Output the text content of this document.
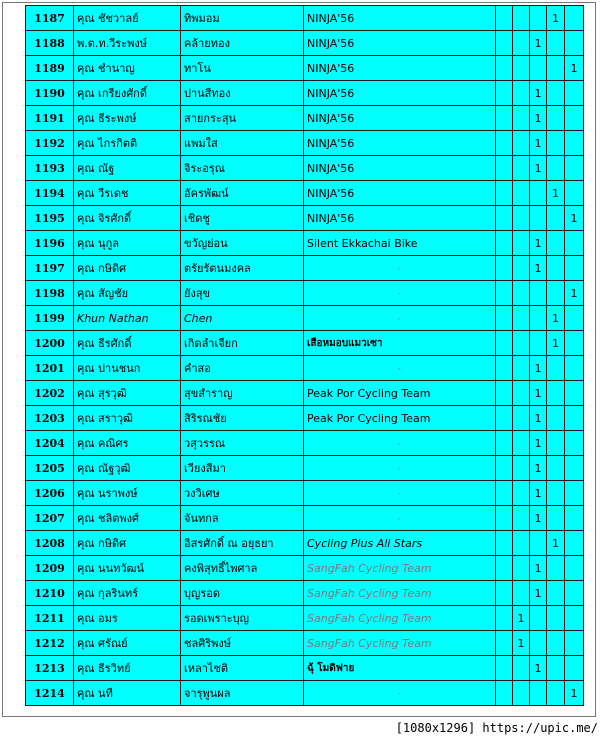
1187	คุณ ชัชวาลย์	ทิพมอม	NINJA'56				1	
1188	พ.ต.ท.วีระพงษ์	คล้ายทอง	NINJA'56			1		
1189	คุณ ชำนาญ	ทาโน	NINJA'56					1
1190	คุณ เกรียงศักดิ์	ปานสีทอง	NINJA'56			1		
1191	คุณ ธีระพงษ์	สายกระสุน	NINJA'56			1		
1192	คุณ ไกรกิตติ	แพมใส	NINJA'56			1		
1193	คุณ ณัฐ	จิระอรุณ	NINJA'56			1		
1194	คุณ วีรเดช	อัครพัฒน์	NINJA'56				1	
1195	คุณ จิรศักดิ์	เชิดชู	NINJA'56					1
1196	คุณ นุกูล	ขวัญย่อน	Silent Ekkachai Bike			1		
1197	คุณ กษิดิศ	ตรัยรัตนมงคล	-			1		
1198	คุณ สัญชัย	ยังสุข	-					1
1199	Khun Nathan	Chen	-				1	
1200	คุณ ธีรศักดิ์	เกิดลำเจียก	เสือหมอบแมวเซา				1	
1201	คุณ ปานชนก	คำสอ	-			1		
1202	คุณ สุรวุฒิ	สุขสำราญ	Peak Por Cycling Team			1		
1203	คุณ สราวุฒิ	สิริรณชัย	Peak Por Cycling Team			1		
1204	คุณ คณิศร	วสุวรรณ	-			1		
1205	คุณ ณัฐวุฒิ	เวียงสีมา	-			1		
1206	คุณ นราพงษ์	วงวิเศษ	-			1		
1207	คุณ ชลิตพงศ์	จันทกล	-			1		
1208	คุณ กษิดิศ	อิสรศักดิ์ ณ อยุธยา	Cycling Plus All Stars				1	
1209	คุณ นนทวัฒน์	คงพิสุทธิ์ไพศาล	SangFah Cycling Team			1		
1210	คุณ กุลรินทร์	บุญรอด	SangFah Cycling Team			1		
1211	คุณ อมร	รอดเพราะบุญ	SangFah Cycling Team		1			
1212	คุณ ศรัณย์	ชลศิริพงษ์	SangFah Cycling Team		1			
1213	คุณ ธีรวิทย์	เหลาไชติ	ฉุ้ โมดิฟาย			1		
1214	คุณ นที	จารุพูนผล	-					1
[1080x1296] https://upic.me/
